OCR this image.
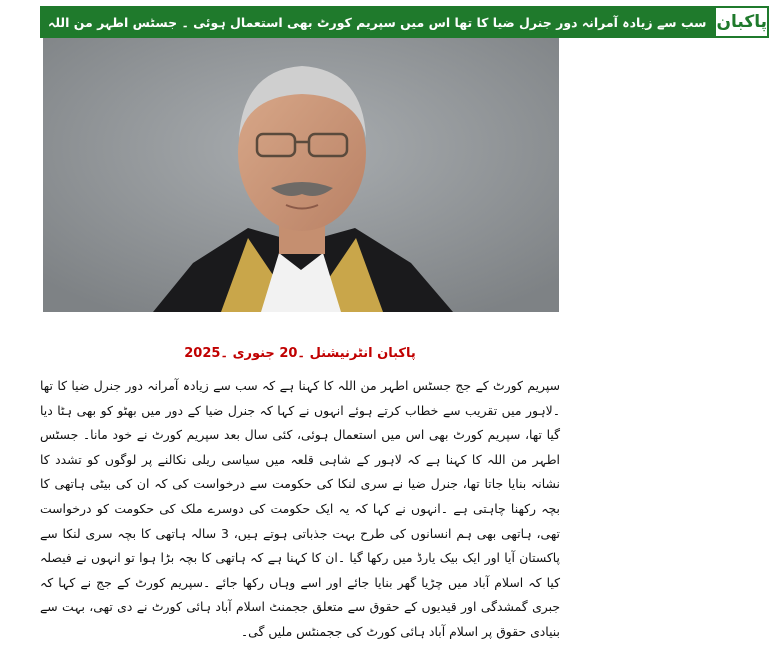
سب سے زیادہ آمرانہ دور جنرل ضیا کا تھا اس میں سپریم کورٹ بھی استعمال ہوئی ۔ جسٹس اطہر من اللہ پاکبان
پاکبان انٹرنیشنل ۔20 جنوری ۔2025

سپریم کورٹ کے جج جسٹس اطہر من اللہ کا کہنا ہے کہ سب سے زیادہ آمرانہ دور جنرل ضیا کا تھا ۔لاہور میں تقریب سے خطاب کرتے ہوئے انہوں نے کہا کہ جنرل ضیا کے دور میں بھٹو کو بھی ہٹا دیا گیا تھا، سپریم کورٹ بھی اس میں استعمال ہوئی، کئی سال بعد سپریم کورٹ نے خود مانا۔ جسٹس اطہر من اللہ کا کہنا ہے کہ لاہور کے شاہی قلعہ میں سیاسی ریلی نکالنے پر لوگوں کو تشدد کا نشانہ بنایا جاتا تھا، جنرل ضیا نے سری لنکا کی حکومت سے درخواست کی کہ ان کی بیٹی ہاتھی کا بچہ رکھنا چاہتی ہے ۔انہوں نے کہا کہ یہ ایک حکومت کی دوسرے ملک کی حکومت کو درخواست تھی، ہاتھی بھی ہم انسانوں کی طرح بہت جذباتی ہوتے ہیں، 3 سالہ ہاتھی کا بچہ سری لنکا سے پاکستان آیا اور ایک بیک یارڈ میں رکھا گیا ۔ان کا کہنا ہے کہ ہاتھی کا بچہ بڑا ہوا تو انہوں نے فیصلہ کیا کہ اسلام آباد میں چڑیا گھر بنایا جائے اور اسے وہاں رکھا جائے ۔سپریم کورٹ کے جج نے کہا کہ جبری گمشدگی اور قیدیوں کے حقوق سے متعلق ججمنٹ اسلام آباد ہائی کورٹ نے دی تھی، بہت سے بنیادی حقوق پر اسلام آباد ہائی کورٹ کی ججمنٹس ملیں گی۔
